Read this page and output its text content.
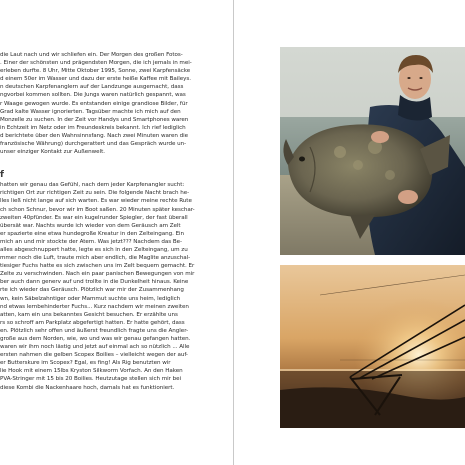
die Laut nach und wir schliefen ein. Der Morgen des großen Fotos-
. Einer der schönsten und prägendsten Morgen, die ich jemals in mei-
erleben durfte. 8 Uhr, Mitte Oktober 1995, Sonne, zwei Karpfensäcke
d einem 50er im Wasser und dazu der erste heiße Kaffee mit Baileys.
n deutschen Karpfenanglern auf der Landzunge ausgemacht, dass
ngvorbei kommen sollten. Die Jungs waren natürlich gespannt, was
r Waage gewogen wurde. Es entstanden einige grandiose Bilder, für
Grad kalte Wasser ignorierten. Tagsüber machte ich mich auf den
Monzelle zu suchen. In der Zeit vor Handys und Smartphones waren
in Echtzeit im Netz oder im Freundeskreis bekannt. Ich rief lediglich
d berichtete über den Wahnsinnsfang. Nach zwei Minuten waren die
französische Währung) durchgerattert und das Gespräch wurde un-
unser einziger Kontakt zur Außenwelt.
f
hatten wir genau das Gefühl, nach dem jeder Karpfenangler sucht:
richtigen Ort zur richtigen Zeit zu sein. Die folgende Nacht brach he-
lles ließ nicht lange auf sich warten. Es war wieder meine rechte Rute
ch schon Schnur, bevor wir im Boot saßen. 20 Minuten später keschar-
zweiten 40pfünder. Es war ein kugelrunder Spiegler, der fast überall
übersät war. Nachts wurde ich wieder von dem Geräusch am Zelt
er spazierte eine etwa hundegroße Kreatur in den Zelteingang. Ein
mich an und mir stockte der Atem. Was jetzt??? Nachdem das Be-
alles abgeschnuppert hatte, legte es sich in den Zelteingang, um zu
mmer noch die Luft, traute mich aber endlich, die Maglite anzuschal-
tiesiger Fuchs hatte es sich zwischen uns im Zelt bequem gemacht. Er
Zelte zu verschwinden. Nach ein paar panischen Bewegungen von mir
ber auch dann generv auf und trollte in die Dunkelheit hinaus. Keine
rte ich wieder das Geräusch. Plötzlich war mir der Zusammenhang
wn, kein Säbelzahntiger oder Mammut suchte uns heim, lediglich
nd etwas lernbehinderter Fuchs... Kurz nachdem wir meinen zweiten
atten, kam ein uns bekanntes Gesicht besuchen. Er erzählte uns
rs so schroff am Parkplatz abgefertigt hatten. Er hatte gehört, dass
en. Plötzlich sehr offen und äußerst freundlich fragte uns die Angler-
große aus dem Norden, wie, wo und was wir genau gefangen hatten.
waren wir ihm noch lästig und jetzt auf einmal ach so nützlich ... Alle
ersten nahmen die gelben Scopex Boilies – vielleicht wegen der auf-
er Butterskure im Scopex? Egal, es fing! Als Rig benutzten wir
lie Hook mit einem 15lbs Kryston Silkworm Vorfach. An den Haken
PVA-Stringer mit 15 bis 20 Boilies. Heutzutage stellen sich mir bei
diese Kombi die Nackenhaare hoch, damals hat es funktioniert.
